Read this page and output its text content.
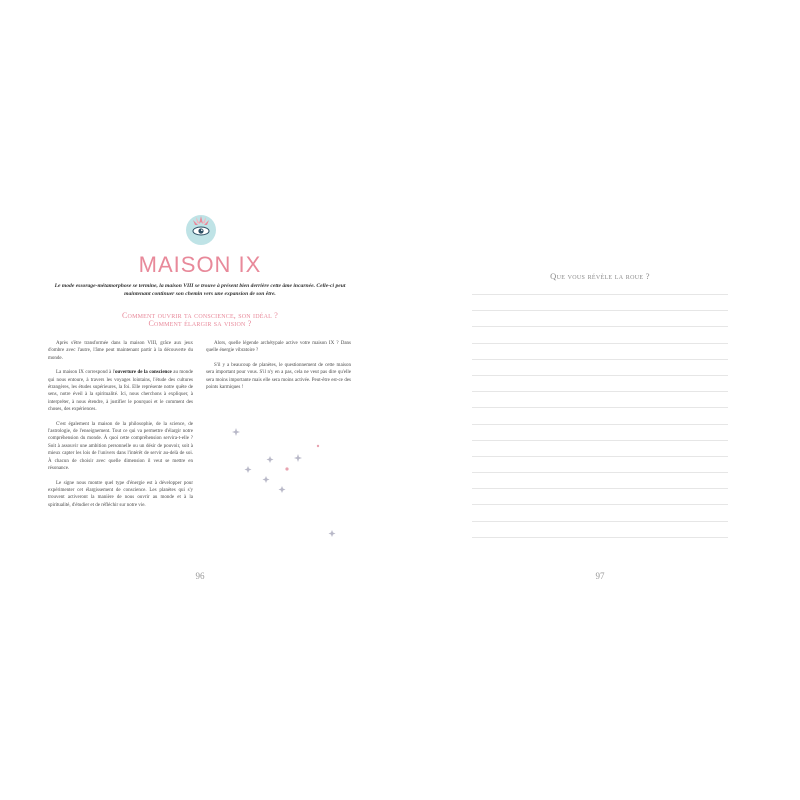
MAISON IX

Le mode essorage-métamorphose se termine, la maison VIII se trouve à présent bien derrière cette âme incarnée. Celle-ci peut maintenant continuer son chemin vers une expansion de son être.

Comment ouvrir ta conscience, son idéal ?

Comment élargir sa vision ?

Après s'être transformée dans la maison VIII, grâce aux jeux d'ombre avec l'autre, l'âme peut maintenant partir à la découverte du monde.

La maison IX correspond à l'ouverture de la conscience au monde qui nous entoure, à travers les voyages lointains, l'étude des cultures étrangères, les études supérieures, la foi. Elle représente notre quête de sens, notre éveil à la spiritualité. Ici, nous cherchons à expliquer, à interpréter, à nous étendre, à justifier le pourquoi et le comment des choses, des expériences.

C'est également la maison de la philosophie, de la science, de l'astrologie, de l'enseignement. Tout ce qui va permettre d'élargir notre compréhension du monde. À quoi cette compréhension servira-t-elle ? Soit à assouvir une ambition personnelle ou un désir de pouvoir, soit à mieux capter les lois de l'univers dans l'intérêt de servir au-delà de soi. À chacun de choisir avec quelle dimension il veut se mettre en résonance.

Le signe nous montre quel type d'énergie est à développer pour expérimenter cet élargissement de conscience. Les planètes qui s'y trouvent activeront la manière de nous ouvrir au monde et à la spiritualité, d'étudier et de réfléchir sur notre vie.

Alors, quelle légende archétypale active votre maison IX ? Dans quelle énergie vibratoire ?

S'il y a beaucoup de planètes, le questionnement de cette maison sera important pour vous. S'il n'y en a pas, cela ne veut pas dire qu'elle sera moins importante mais elle sera moins activée. Peut-être est-ce des points karmiques !

96

Que vous révèle la roue ?

97
